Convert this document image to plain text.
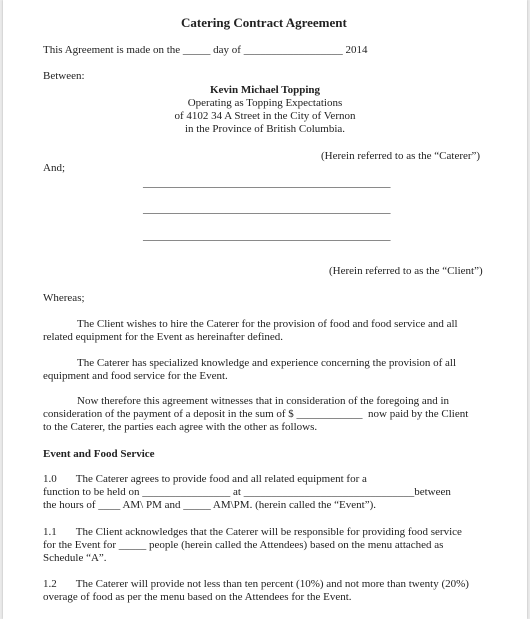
Catering Contract Agreement
This Agreement is made on the _____ day of __________________ 2014
Between:
Kevin Michael Topping
Operating as Topping Expectations
of 4102 34 A Street in the City of Vernon
in the Province of British Columbia.
(Herein referred to as the “Caterer”)
And;
_____________________________________________
_____________________________________________
_____________________________________________
(Herein referred to as the “Client”)
Whereas;
The Client wishes to hire the Caterer for the provision of food and food service and all
related equipment for the Event as hereinafter defined.
The Caterer has specialized knowledge and experience concerning the provision of all
equipment and food service for the Event.
Now therefore this agreement witnesses that in consideration of the foregoing and in
consideration of the payment of a deposit in the sum of $ ____________  now paid by the Client
to the Caterer, the parties each agree with the other as follows.
Event and Food Service
1.0       The Caterer agrees to provide food and all related equipment for a
function to be held on ________________ at _______________________________between
the hours of ____ AM\ PM and _____ AM\PM. (herein called the “Event”).
1.1       The Client acknowledges that the Caterer will be responsible for providing food service
for the Event for _____ people (herein called the Attendees) based on the menu attached as
Schedule “A”.
1.2       The Caterer will provide not less than ten percent (10%) and not more than twenty (20%)
overage of food as per the menu based on the Attendees for the Event.
